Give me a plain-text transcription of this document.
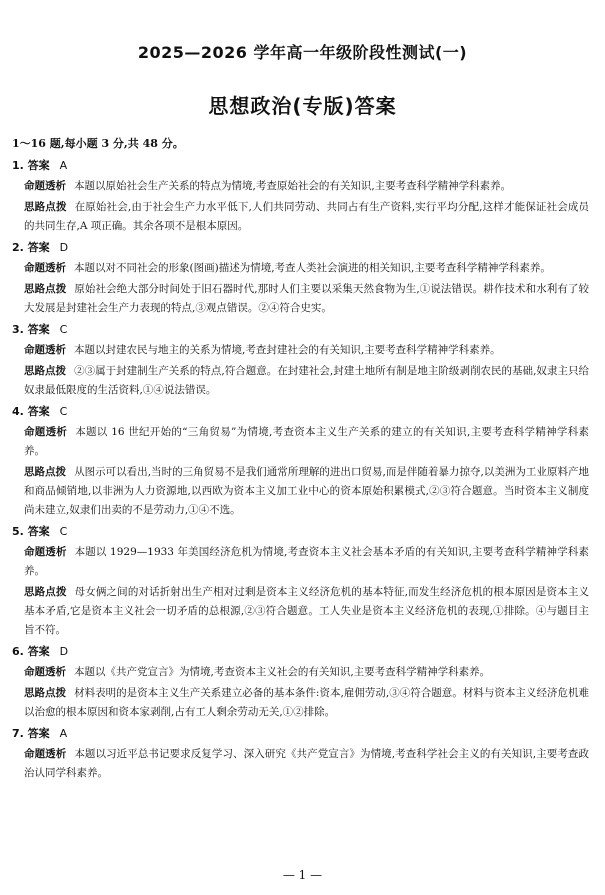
2025—2026 学年高一年级阶段性测试(一)
思想政治(专版)答案
1～16 题,每小题 3 分,共 48 分。
1. 答案 A
命题透析 本题以原始社会生产关系的特点为情境,考查原始社会的有关知识,主要考查科学精神学科素养。
思路点拨 在原始社会,由于社会生产力水平低下,人们共同劳动、共同占有生产资料,实行平均分配,这样才能保证社会成员的共同生存,A 项正确。其余各项不是根本原因。
2. 答案 D
命题透析 本题以对不同社会的形象(图画)描述为情境,考查人类社会演进的相关知识,主要考查科学精神学科素养。
思路点拨 原始社会绝大部分时间处于旧石器时代,那时人们主要以采集天然食物为生,①说法错误。耕作技术和水利有了较大发展是封建社会生产力表现的特点,③观点错误。②④符合史实。
3. 答案 C
命题透析 本题以封建农民与地主的关系为情境,考查封建社会的有关知识,主要考查科学精神学科素养。
思路点拨 ②③属于封建制生产关系的特点,符合题意。在封建社会,封建土地所有制是地主阶级剥削农民的基础,奴隶主只给奴隶最低限度的生活资料,①④说法错误。
4. 答案 C
命题透析 本题以 16 世纪开始的“三角贸易”为情境,考查资本主义生产关系的建立的有关知识,主要考查科学精神学科素养。
思路点拨 从图示可以看出,当时的三角贸易不是我们通常所理解的进出口贸易,而是伴随着暴力掠夺,以美洲为工业原料产地和商品倾销地,以非洲为人力资源地,以西欧为资本主义加工业中心的资本原始积累模式,②③符合题意。当时资本主义制度尚未建立,奴隶们出卖的不是劳动力,①④不选。
5. 答案 C
命题透析 本题以 1929—1933 年美国经济危机为情境,考查资本主义社会基本矛盾的有关知识,主要考查科学精神学科素养。
思路点拨 母女俩之间的对话折射出生产相对过剩是资本主义经济危机的基本特征,而发生经济危机的根本原因是资本主义基本矛盾,它是资本主义社会一切矛盾的总根源,②③符合题意。工人失业是资本主义经济危机的表现,①排除。④与题目主旨不符。
6. 答案 D
命题透析 本题以《共产党宣言》为情境,考查资本主义社会的有关知识,主要考查科学精神学科素养。
思路点拨 材料表明的是资本主义生产关系建立必备的基本条件:资本,雇佣劳动,③④符合题意。材料与资本主义经济危机难以治愈的根本原因和资本家剥削,占有工人剩余劳动无关,①②排除。
7. 答案 A
命题透析 本题以习近平总书记要求反复学习、深入研究《共产党宣言》为情境,考查科学社会主义的有关知识,主要考查政治认同学科素养。
— 1 —
